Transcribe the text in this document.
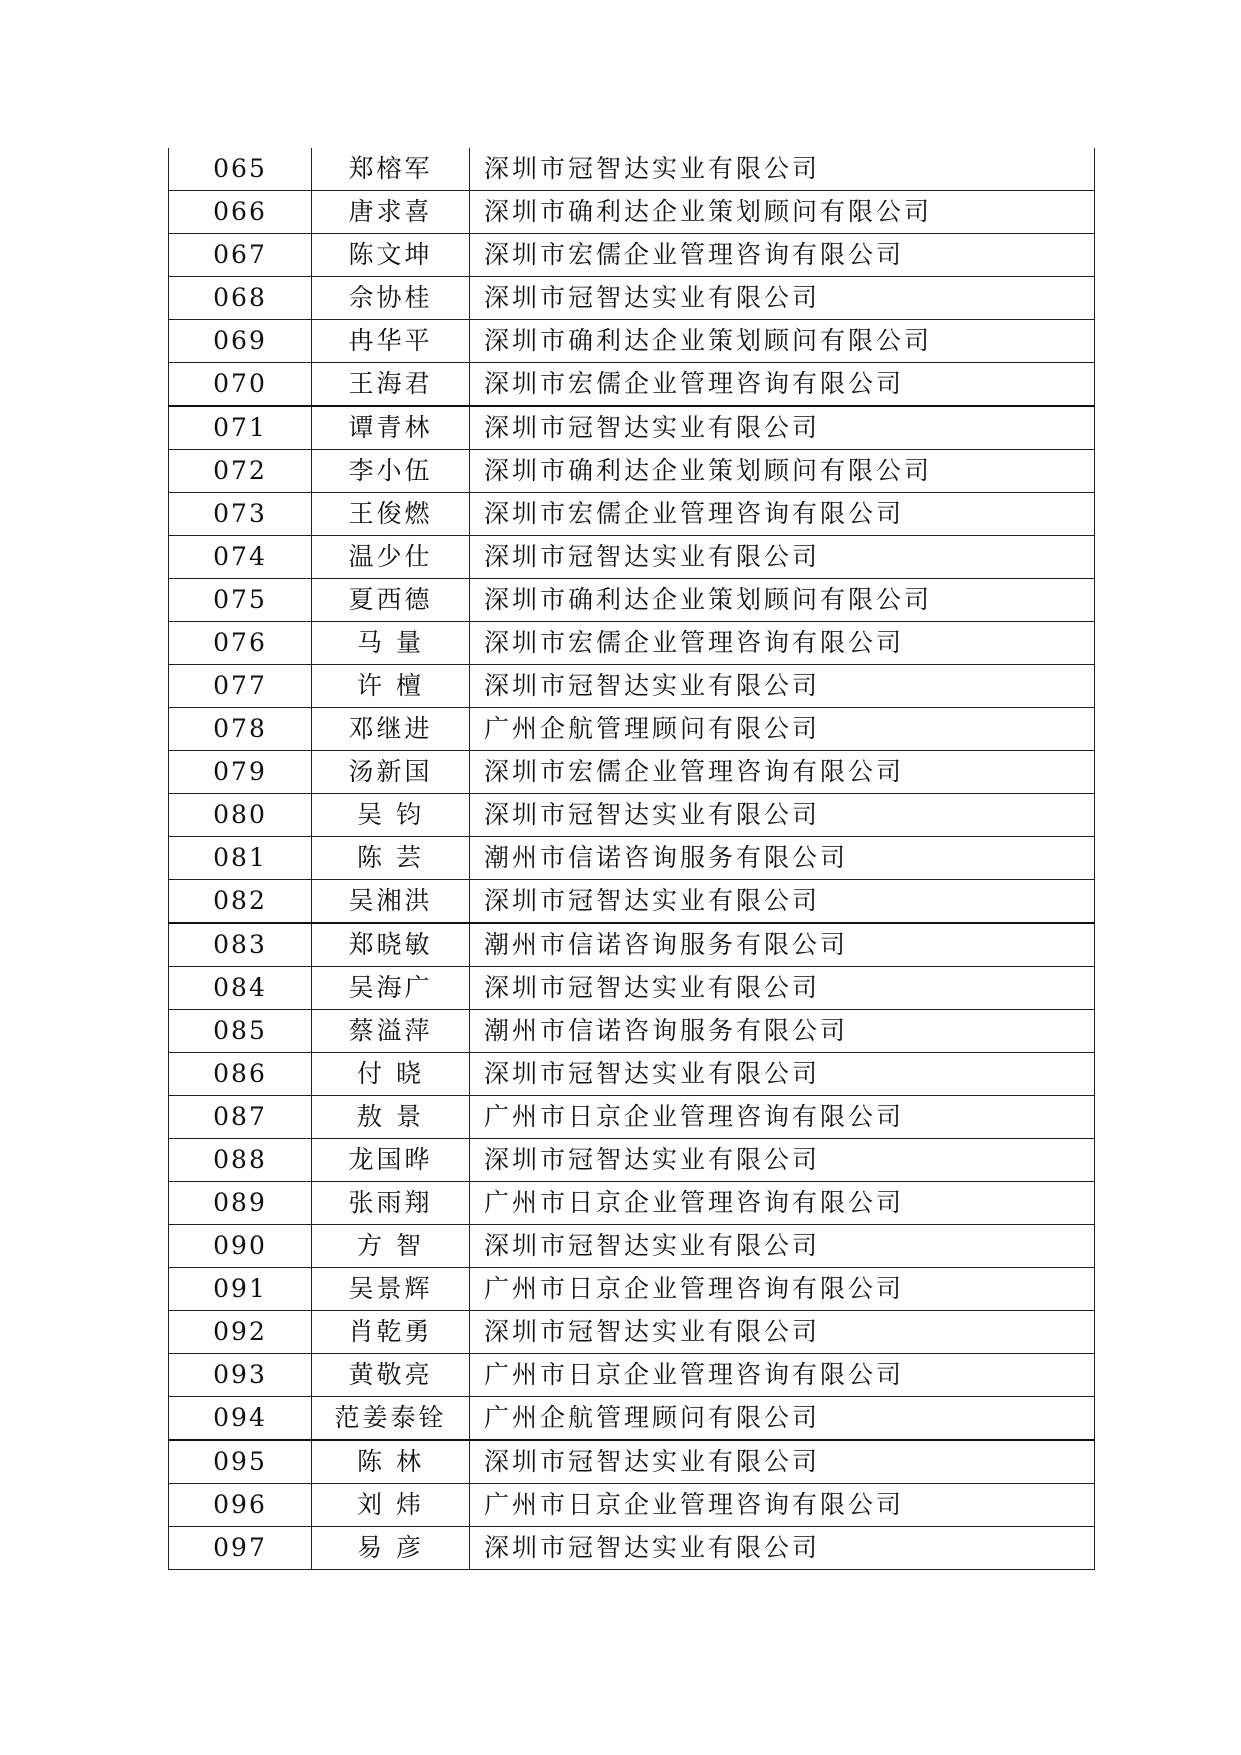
065	郑榕军	深圳市冠智达实业有限公司
066	唐求喜	深圳市确利达企业策划顾问有限公司
067	陈文坤	深圳市宏儒企业管理咨询有限公司
068	佘协桂	深圳市冠智达实业有限公司
069	冉华平	深圳市确利达企业策划顾问有限公司
070	王海君	深圳市宏儒企业管理咨询有限公司
071	谭青林	深圳市冠智达实业有限公司
072	李小伍	深圳市确利达企业策划顾问有限公司
073	王俊燃	深圳市宏儒企业管理咨询有限公司
074	温少仕	深圳市冠智达实业有限公司
075	夏西德	深圳市确利达企业策划顾问有限公司
076	马 量	深圳市宏儒企业管理咨询有限公司
077	许 檀	深圳市冠智达实业有限公司
078	邓继进	广州企航管理顾问有限公司
079	汤新国	深圳市宏儒企业管理咨询有限公司
080	吴 钧	深圳市冠智达实业有限公司
081	陈 芸	潮州市信诺咨询服务有限公司
082	吴湘洪	深圳市冠智达实业有限公司
083	郑晓敏	潮州市信诺咨询服务有限公司
084	吴海广	深圳市冠智达实业有限公司
085	蔡溢萍	潮州市信诺咨询服务有限公司
086	付 晓	深圳市冠智达实业有限公司
087	敖 景	广州市日京企业管理咨询有限公司
088	龙国晔	深圳市冠智达实业有限公司
089	张雨翔	广州市日京企业管理咨询有限公司
090	方 智	深圳市冠智达实业有限公司
091	吴景辉	广州市日京企业管理咨询有限公司
092	肖乾勇	深圳市冠智达实业有限公司
093	黄敬亮	广州市日京企业管理咨询有限公司
094	范姜泰铨	广州企航管理顾问有限公司
095	陈 林	深圳市冠智达实业有限公司
096	刘 炜	广州市日京企业管理咨询有限公司
097	易 彦	深圳市冠智达实业有限公司
